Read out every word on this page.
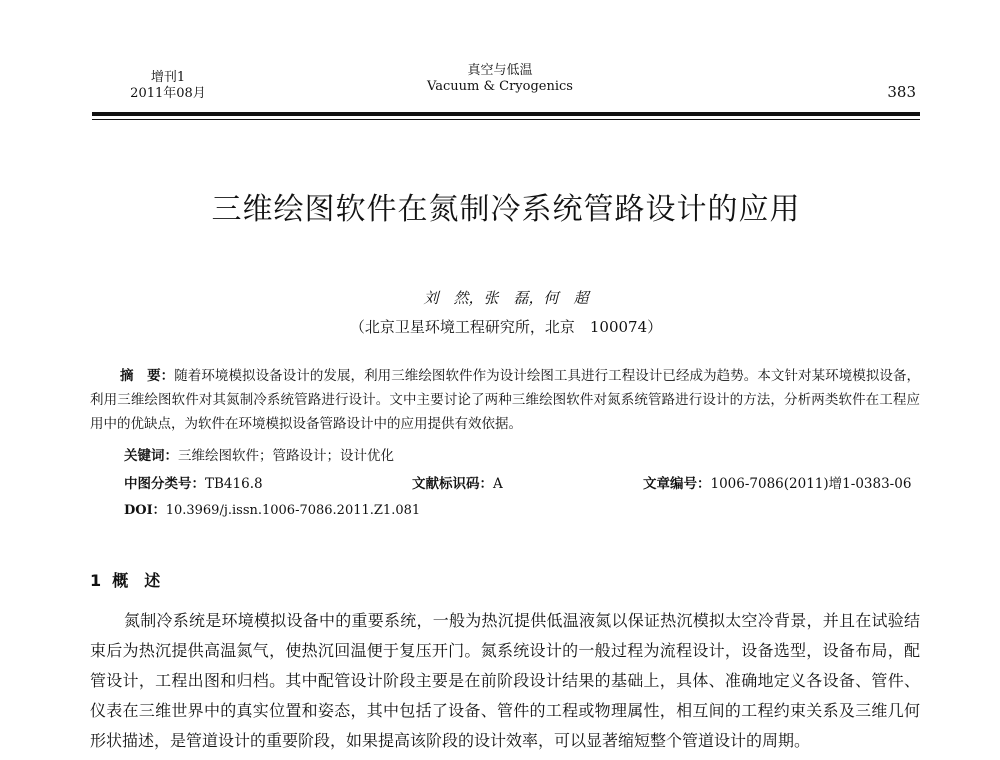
增刊1
2011年08月
真空与低温
Vacuum & Cryogenics	383
三维绘图软件在氮制冷系统管路设计的应用
刘　然，张　磊，何　超
（北京卫星环境工程研究所，北京　100074）
摘　要：随着环境模拟设备设计的发展，利用三维绘图软件作为设计绘图工具进行工程设计已经成为趋势。本文针对某环境模拟设备，利用三维绘图软件对其氮制冷系统管路进行设计。文中主要讨论了两种三维绘图软件对氮系统管路进行设计的方法，分析两类软件在工程应用中的优缺点，为软件在环境模拟设备管路设计中的应用提供有效依据。
关键词：三维绘图软件；管路设计；设计优化
中图分类号：TB416.8	文献标识码：A	文章编号：1006-7086(2011)增1-0383-06
DOI：10.3969/j.issn.1006-7086.2011.Z1.081
1 概　述
氮制冷系统是环境模拟设备中的重要系统，一般为热沉提供低温液氮以保证热沉模拟太空冷背景，并且在试验结束后为热沉提供高温氮气，使热沉回温便于复压开门。氮系统设计的一般过程为流程设计，设备选型，设备布局，配管设计，工程出图和归档。其中配管设计阶段主要是在前阶段设计结果的基础上，具体、准确地定义各设备、管件、仪表在三维世界中的真实位置和姿态，其中包括了设备、管件的工程或物理属性，相互间的工程约束关系及三维几何形状描述，是管道设计的重要阶段，如果提高该阶段的设计效率，可以显著缩短整个管道设计的周期。
